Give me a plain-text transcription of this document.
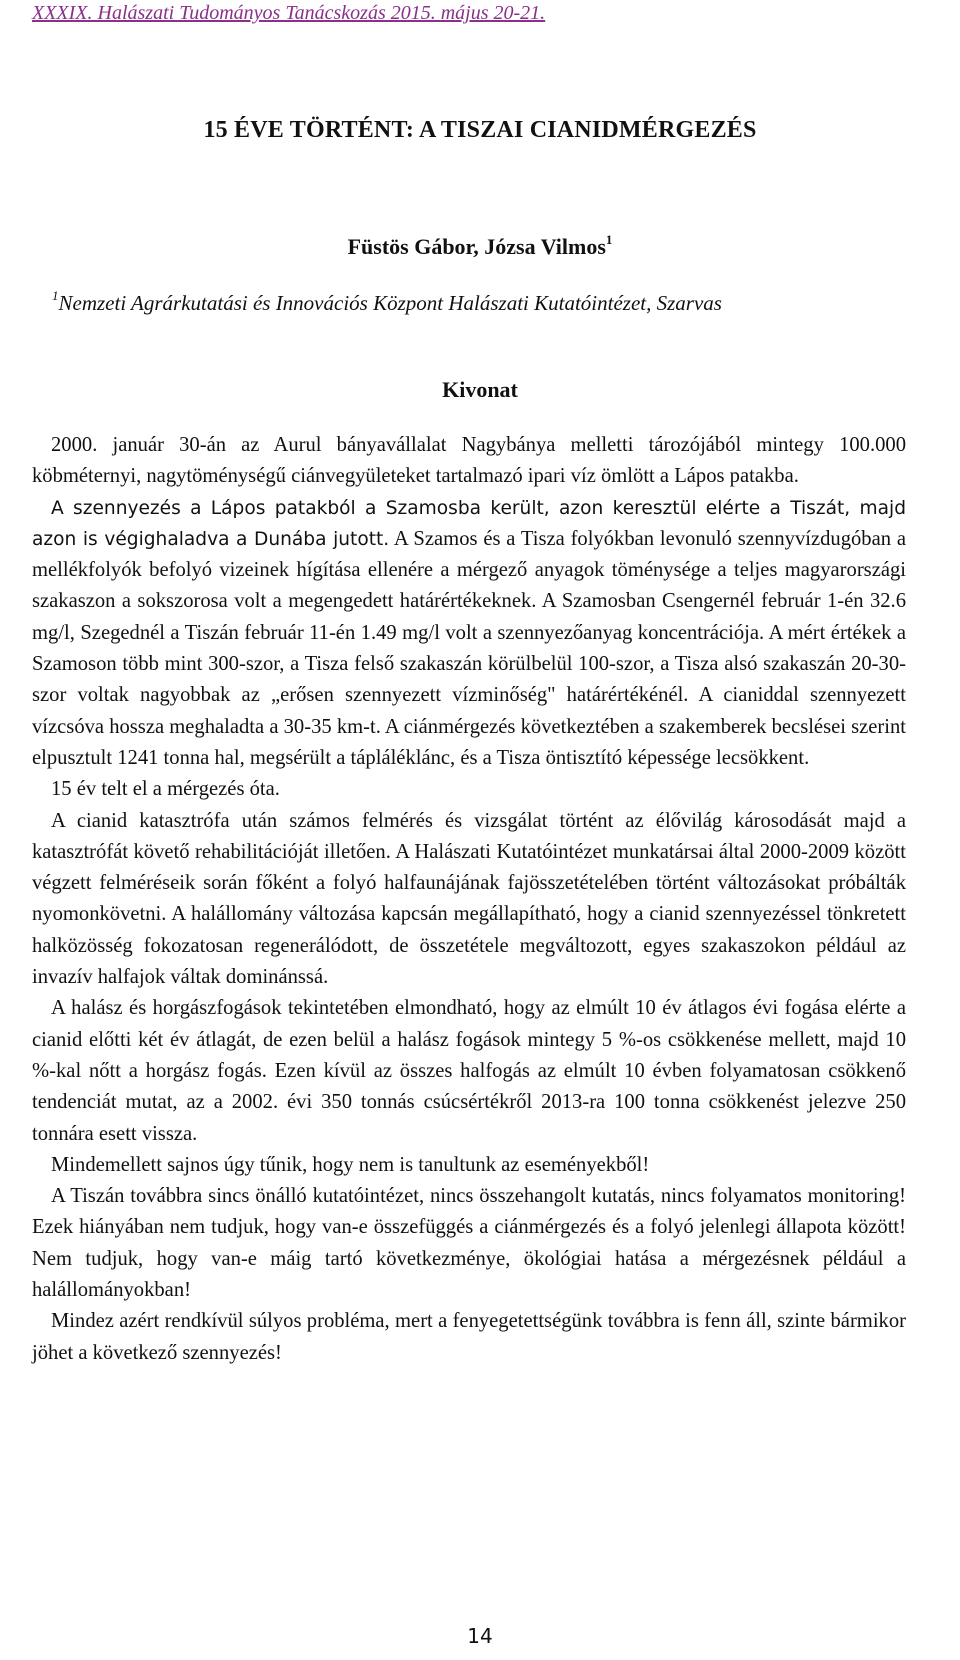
XXXIX. Halászati Tudományos Tanácskozás 2015. május 20-21.
15 ÉVE TÖRTÉNT: A TISZAI CIANIDMÉRGEZÉS
Füstös Gábor, Józsa Vilmos$^1$
$^1$Nemzeti Agrárkutatási és Innovációs Központ Halászati Kutatóintézet, Szarvas
Kivonat

2000. január 30-án az Aurul bányavállalat Nagybánya melletti tározójából mintegy 100.000 köbméternyi, nagytöménységű ciánvegyületeket tartalmazó ipari víz ömlött a Lápos patakba.

A szennyezés a Lápos patakból a Szamosba került, azon keresztül elérte a Tiszát, majd azon is végighaladva a Dunába jutott. A Szamos és a Tisza folyókban levonuló szennyvízdugóban a mellékfolyók befolyó vizeinek hígítása ellenére a mérgező anyagok töménysége a teljes magyarországi szakaszon a sokszorosa volt a megengedett határértékeknek. A Szamosban Csengernél február 1-én 32.6 mg/l, Szegednél a Tiszán február 11-én 1.49 mg/l volt a szennyezőanyag koncentrációja. A mért értékek a Szamoson több mint 300-szor, a Tisza felső szakaszán körülbelül 100-szor, a Tisza alsó szakaszán 20-30-szor voltak nagyobbak az „erősen szennyezett vízminőség" határértékénél. A cianiddal szennyezett vízcsóva hossza meghaladta a 30-35 km-t. A ciánmérgezés következtében a szakemberek becslései szerint elpusztult 1241 tonna hal, megsérült a tápláléklánc, és a Tisza öntisztító képessége lecsökkent.

15 év telt el a mérgezés óta.

A cianid katasztrófa után számos felmérés és vizsgálat történt az élővilág károsodását majd a katasztrófát követő rehabilitációját illetően. A Halászati Kutatóintézet munkatársai által 2000-2009 között végzett felméréseik során főként a folyó halfaunájának fajösszetételében történt változásokat próbálták nyomonkövetni. A halállomány változása kapcsán megállapítható, hogy a cianid szennyezéssel tönkretett halközösség fokozatosan regenerálódott, de összetétele megváltozott, egyes szakaszokon például az invazív halfajok váltak dominánssá.

A halász és horgászfogások tekintetében elmondható, hogy az elmúlt 10 év átlagos évi fogása elérte a cianid előtti két év átlagát, de ezen belül a halász fogások mintegy 5 %-os csökkenése mellett, majd 10 %-kal nőtt a horgász fogás. Ezen kívül az összes halfogás az elmúlt 10 évben folyamatosan csökkenő tendenciát mutat, az a 2002. évi 350 tonnás csúcsértékről 2013-ra 100 tonna csökkenést jelezve 250 tonnára esett vissza.

Mindemellett sajnos úgy tűnik, hogy nem is tanultunk az eseményekből!

A Tiszán továbbra sincs önálló kutatóintézet, nincs összehangolt kutatás, nincs folyamatos monitoring! Ezek hiányában nem tudjuk, hogy van-e összefüggés a ciánmérgezés és a folyó jelenlegi állapota között! Nem tudjuk, hogy van-e máig tartó következménye, ökológiai hatása a mérgezésnek például a halállományokban!

Mindez azért rendkívül súlyos probléma, mert a fenyegetettségünk továbbra is fenn áll, szinte bármikor jöhet a következő szennyezés!

14
